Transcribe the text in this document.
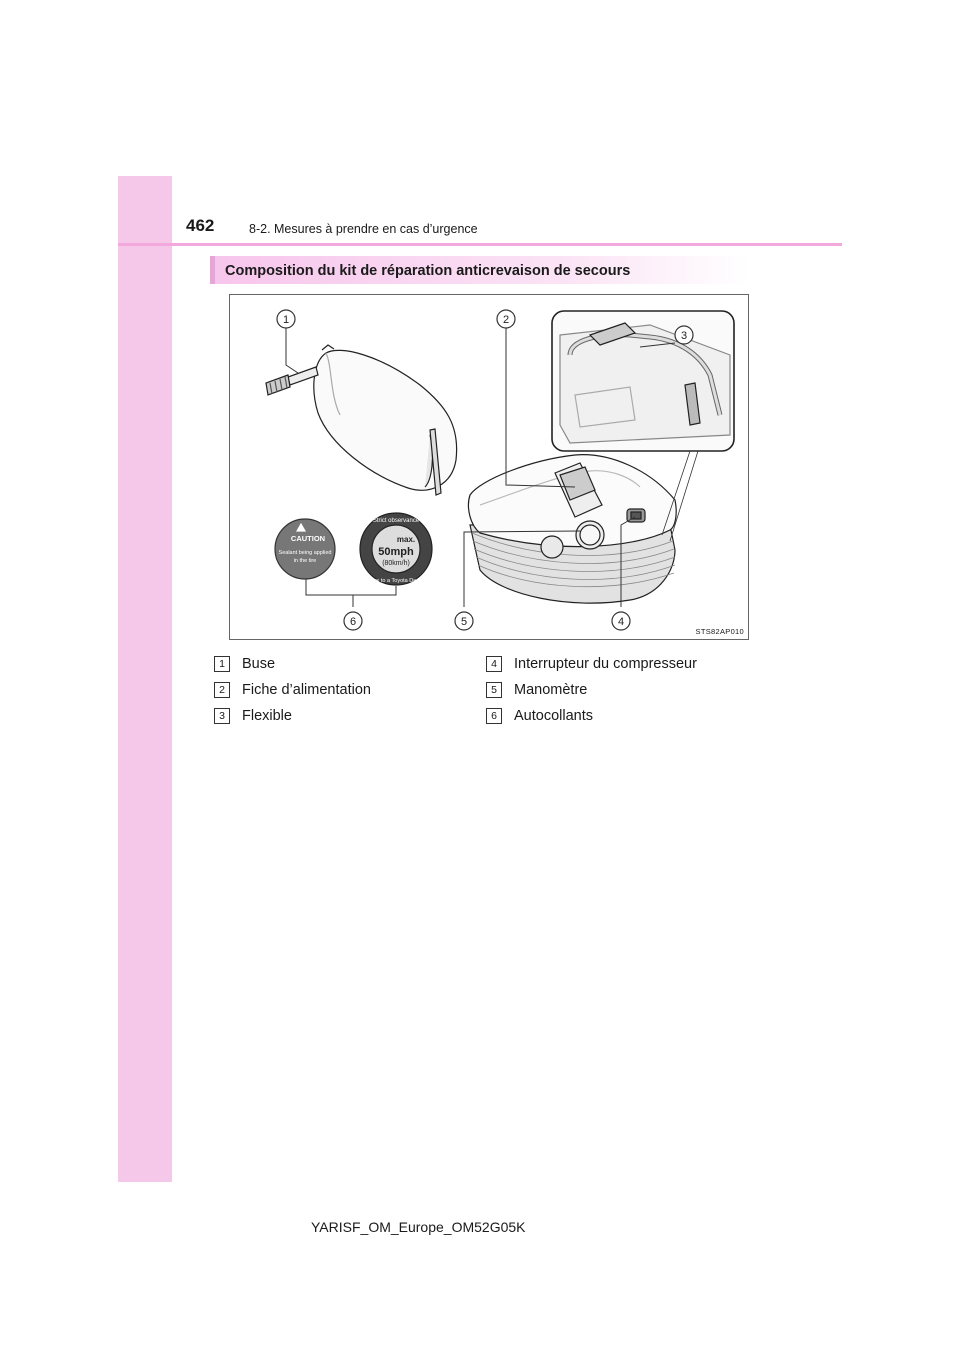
462	8-2. Mesures à prendre en cas d’urgence
Composition du kit de réparation anticrevaison de secours
1	2
3
4
5
6
CAUTION
Sealant being applied
in the tire
Strict observance
max.
50mph
(80km/h)
Drive to a Toyota Dealer
STS82AP010
1	Buse
2	Fiche d’alimentation
3	Flexible
4	Interrupteur du compresseur
5	Manomètre
6	Autocollants
YARISF_OM_Europe_OM52G05K
